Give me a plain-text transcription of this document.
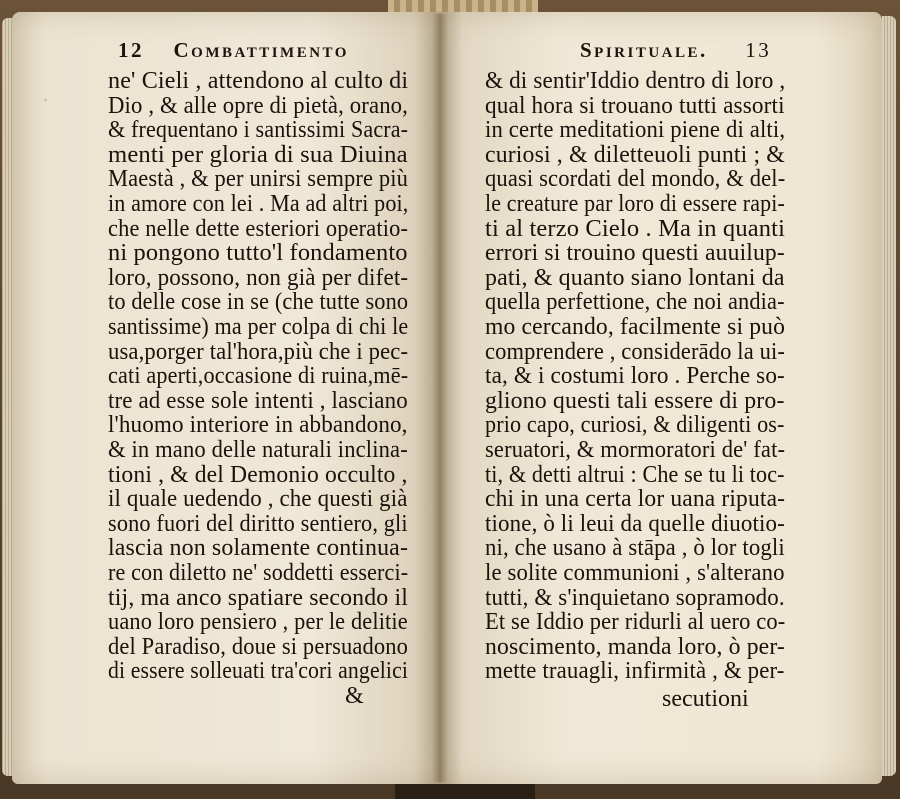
.
12 Combattimento	Spirituale. 13
ne' Cieli , attendono al culto di
Dio , & alle opre di pietà, orano,
& frequentano i santissimi Sacra-
menti per gloria di sua Diuina
Maestà , & per unirsi sempre più
in amore con lei . Ma ad altri poi,
che nelle dette esteriori operatio-
ni pongono tutto'l fondamento
loro, possono, non già per difet-
to delle cose in se (che tutte sono
santissime) ma per colpa di chi le
usa,porger tal'hora,più che i pec-
cati aperti,occasione di ruina,mē-
tre ad esse sole intenti , lasciano
l'huomo interiore in abbandono,
& in mano delle naturali inclina-
tioni , & del Demonio occulto ,
il quale uedendo , che questi già
sono fuori del diritto sentiero, gli
lascia non solamente continua-
re con diletto ne' soddetti esserci-
tij, ma anco spatiare secondo il
uano loro pensiero , per le delitie
del Paradiso, doue si persuadono
di essere solleuati tra'cori angelici
& di sentir'Iddio dentro di loro ,
qual hora si trouano tutti assorti
in certe meditationi piene di alti,
curiosi , & diletteuoli punti ; &
quasi scordati del mondo, & del-
le creature par loro di essere rapi-
ti al terzo Cielo . Ma in quanti
errori si trouino questi auuilup-
pati, & quanto siano lontani da
quella perfettione, che noi andia-
mo cercando, facilmente si può
comprendere , considerādo la ui-
ta, & i costumi loro . Perche so-
gliono questi tali essere di pro-
prio capo, curiosi, & diligenti os-
seruatori, & mormoratori de' fat-
ti, & detti altrui : Che se tu li toc-
chi in una certa lor uana riputa-
tione, ò li leui da quelle diuotio-
ni, che usano à stāpa , ò lor togli
le solite communioni , s'alterano
tutti, & s'inquietano sopramodo.
Et se Iddio per ridurli al uero co-
noscimento, manda loro, ò per-
mette trauagli, infirmità , & per-
&	secutioni
